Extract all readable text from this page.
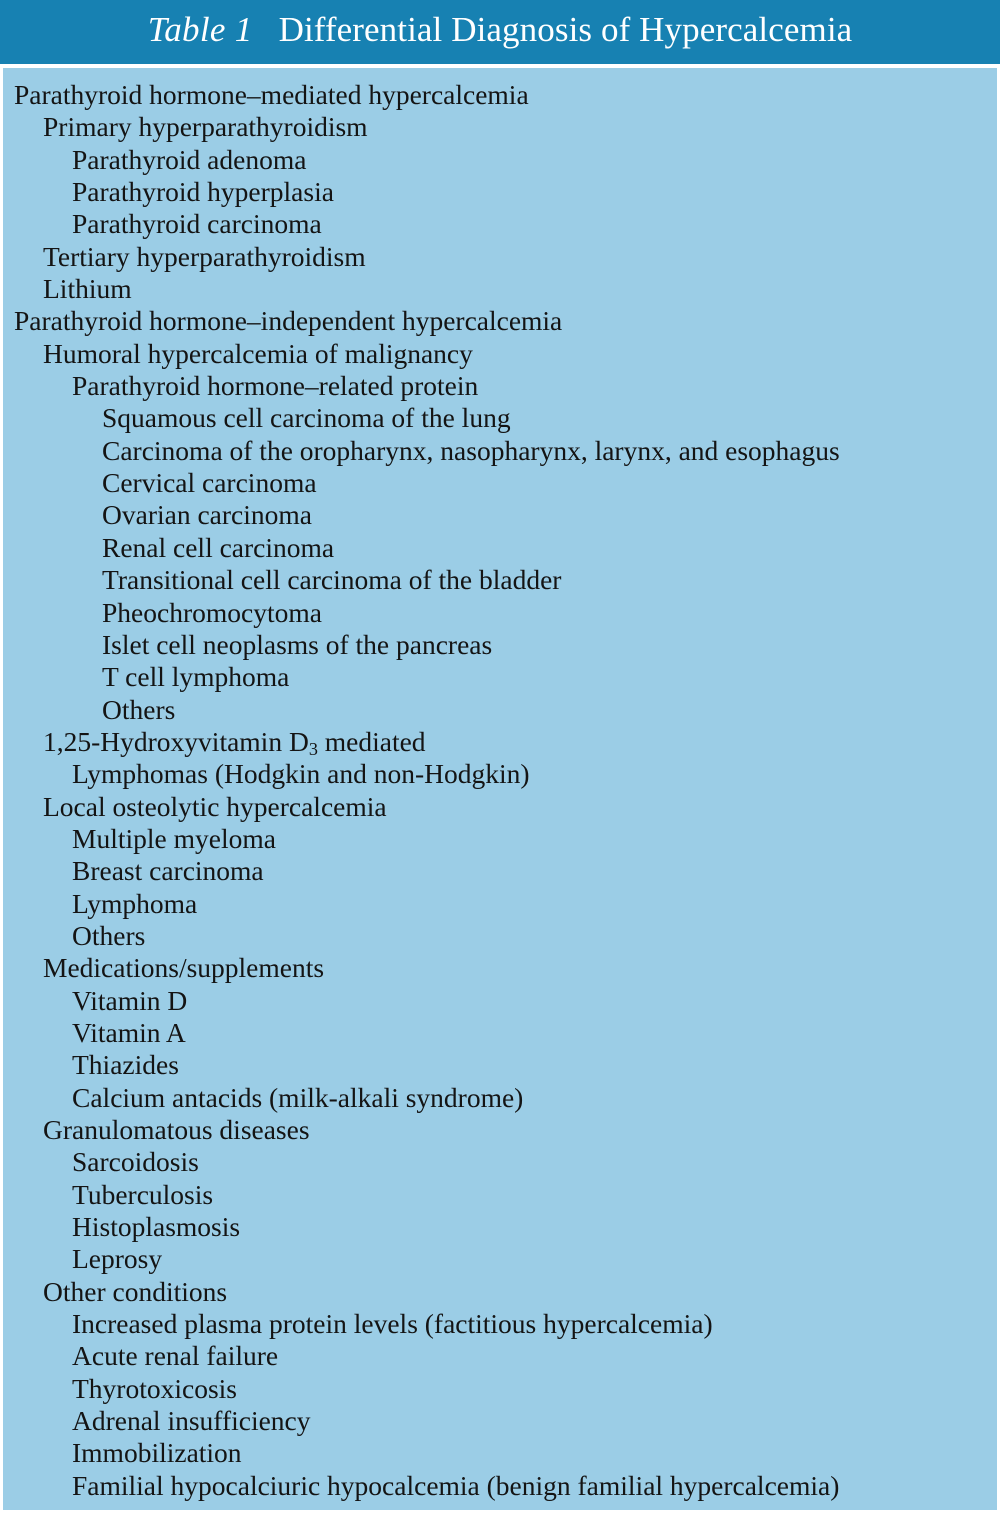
Table 1 Differential Diagnosis of Hypercalcemia
Parathyroid hormone–mediated hypercalcemia
Primary hyperparathyroidism
Parathyroid adenoma
Parathyroid hyperplasia
Parathyroid carcinoma
Tertiary hyperparathyroidism
Lithium
Parathyroid hormone–independent hypercalcemia
Humoral hypercalcemia of malignancy
Parathyroid hormone–related protein
Squamous cell carcinoma of the lung
Carcinoma of the oropharynx, nasopharynx, larynx, and esophagus
Cervical carcinoma
Ovarian carcinoma
Renal cell carcinoma
Transitional cell carcinoma of the bladder
Pheochromocytoma
Islet cell neoplasms of the pancreas
T cell lymphoma
Others
1,25-Hydroxyvitamin $D_3$ mediated
Lymphomas (Hodgkin and non-Hodgkin)
Local osteolytic hypercalcemia
Multiple myeloma
Breast carcinoma
Lymphoma
Others
Medications/supplements
Vitamin D
Vitamin A
Thiazides
Calcium antacids (milk-alkali syndrome)
Granulomatous diseases
Sarcoidosis
Tuberculosis
Histoplasmosis
Leprosy
Other conditions
Increased plasma protein levels (factitious hypercalcemia)
Acute renal failure
Thyrotoxicosis
Adrenal insufficiency
Immobilization
Familial hypocalciuric hypocalcemia (benign familial hypercalcemia)
